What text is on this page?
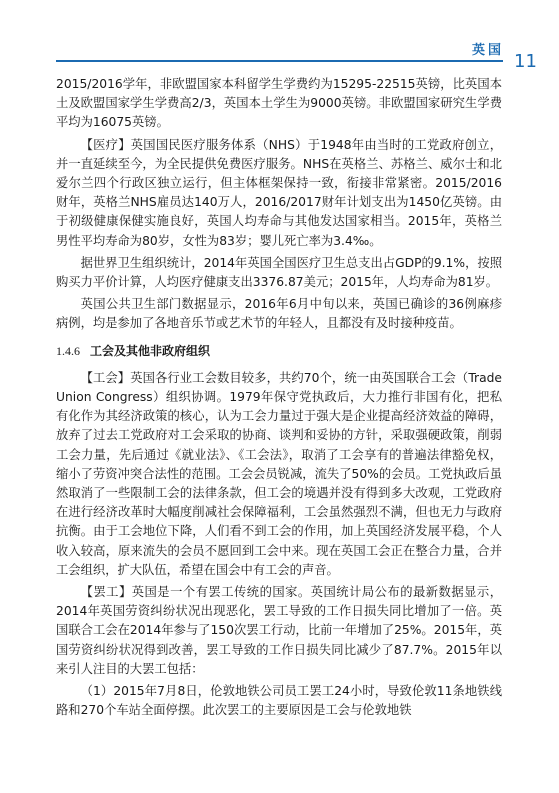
英国
11

2015/2016学年，非欧盟国家本科留学生学费约为15295-22515英镑，比英国本土及欧盟国家学生学费高2/3，英国本土学生为9000英镑。非欧盟国家研究生学费平均为16075英镑。

【医疗】英国国民医疗服务体系（NHS）于1948年由当时的工党政府创立，并一直延续至今，为全民提供免费医疗服务。NHS在英格兰、苏格兰、威尔士和北爱尔兰四个行政区独立运行，但主体框架保持一致，衔接非常紧密。2015/2016财年，英格兰NHS雇员达140万人，2016/2017财年计划支出为1450亿英镑。由于初级健康保健实施良好，英国人均寿命与其他发达国家相当。2015年，英格兰男性平均寿命为80岁，女性为83岁；婴儿死亡率为3.4‰。

据世界卫生组织统计，2014年英国全国医疗卫生总支出占GDP的9.1%，按照购买力平价计算，人均医疗健康支出3376.87美元；2015年，人均寿命为81岁。

英国公共卫生部门数据显示，2016年6月中旬以来，英国已确诊的36例麻疹病例，均是参加了各地音乐节或艺术节的年轻人，且都没有及时接种疫苗。

1.4.6 工会及其他非政府组织

【工会】英国各行业工会数目较多，共约70个，统一由英国联合工会（Trade Union Congress）组织协调。1979年保守党执政后，大力推行非国有化，把私有化作为其经济政策的核心，认为工会力量过于强大是企业提高经济效益的障碍，放弃了过去工党政府对工会采取的协商、谈判和妥协的方针，采取强硬政策，削弱工会力量，先后通过《就业法》、《工会法》，取消了工会享有的普遍法律豁免权，缩小了劳资冲突合法性的范围。工会会员锐减，流失了50%的会员。工党执政后虽然取消了一些限制工会的法律条款，但工会的境遇并没有得到多大改观，工党政府在进行经济改革时大幅度削减社会保障福利，工会虽然强烈不满，但也无力与政府抗衡。由于工会地位下降，人们看不到工会的作用，加上英国经济发展平稳，个人收入较高，原来流失的会员不愿回到工会中来。现在英国工会正在整合力量，合并工会组织，扩大队伍，希望在国会中有工会的声音。

【罢工】英国是一个有罢工传统的国家。英国统计局公布的最新数据显示，2014年英国劳资纠纷状况出现恶化，罢工导致的工作日损失同比增加了一倍。英国联合工会在2014年参与了150次罢工行动，比前一年增加了25%。2015年，英国劳资纠纷状况得到改善，罢工导致的工作日损失同比减少了87.7%。2015年以来引人注目的大罢工包括：

（1）2015年7月8日，伦敦地铁公司员工罢工24小时，导致伦敦11条地铁线路和270个车站全面停摆。此次罢工的主要原因是工会与伦敦地铁
